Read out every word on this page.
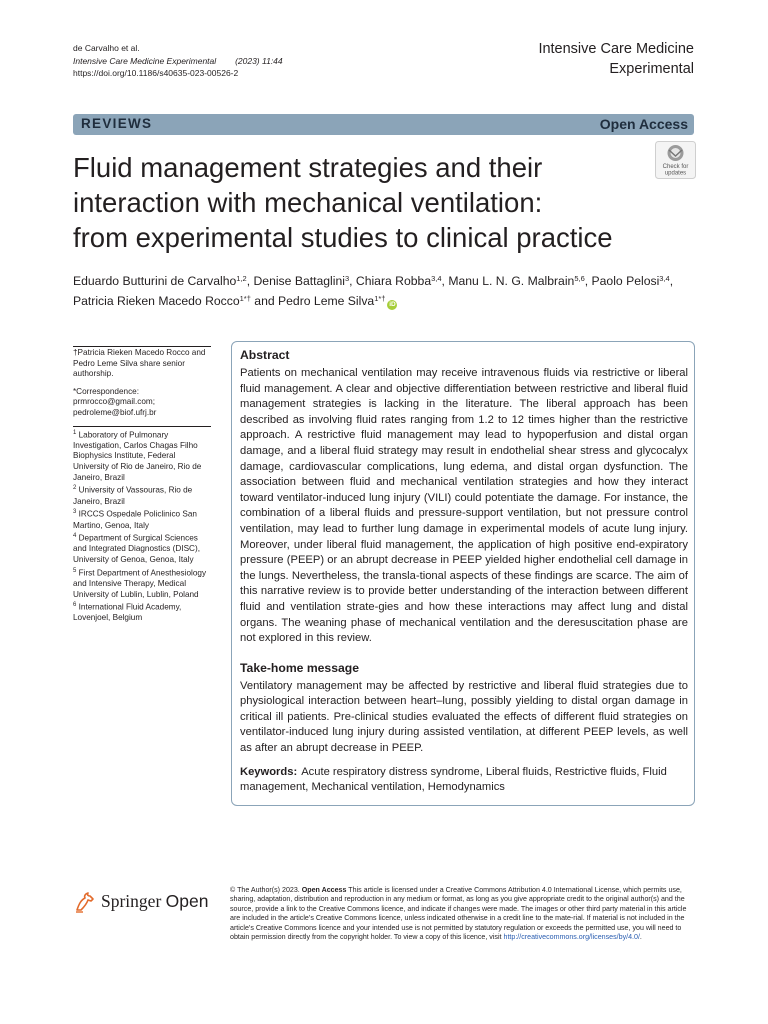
de Carvalho et al.
Intensive Care Medicine Experimental (2023) 11:44
https://doi.org/10.1186/s40635-023-00526-2
Intensive Care Medicine
Experimental
REVIEWS	Open Access
Fluid management strategies and their
interaction with mechanical ventilation:
from experimental studies to clinical practice
Check for
updates
Eduardo Butturini de Carvalho$^{1,2}$, Denise Battaglini$^3$, Chiara Robba$^{3,4}$, Manu L. N. G. Malbrain$^{5,6}$, Paolo Pelosi$^{3,4}$,
Patricia Rieken Macedo Rocco$^{1*\dagger}$ and Pedro Leme Silva$^{1*\dagger}$iD

†Patricia Rieken Macedo Rocco and Pedro Leme Silva share senior authorship.

*Correspondence:
prmrocco@gmail.com;
pedroleme@biof.ufrj.br

$^1$ Laboratory of Pulmonary Investigation, Carlos Chagas Filho Biophysics Institute, Federal University of Rio de Janeiro, Rio de Janeiro, Brazil

$^2$ University of Vassouras, Rio de Janeiro, Brazil

$^3$ IRCCS Ospedale Policlinico San Martino, Genoa, Italy

$^4$ Department of Surgical Sciences and Integrated Diagnostics (DISC), University of Genoa, Genoa, Italy

$^5$ First Department of Anesthesiology and Intensive Therapy, Medical University of Lublin, Lublin, Poland

$^6$ International Fluid Academy, Lovenjoel, Belgium

Abstract

Patients on mechanical ventilation may receive intravenous fluids via restrictive or liberal fluid management. A clear and objective differentiation between restrictive and liberal fluid management strategies is lacking in the literature. The liberal approach has been described as involving fluid rates ranging from 1.2 to 12 times higher than the restrictive approach. A restrictive fluid management may lead to hypoperfusion and distal organ damage, and a liberal fluid strategy may result in endothelial shear stress and glycocalyx damage, cardiovascular complications, lung edema, and distal organ dysfunction. The association between fluid and mechanical ventilation strategies and how they interact toward ventilator-induced lung injury (VILI) could potentiate the damage. For instance, the combination of a liberal fluids and pressure-support ventilation, but not pressure control ventilation, may lead to further lung damage in experimental models of acute lung injury. Moreover, under liberal fluid management, the application of high positive end-expiratory pressure (PEEP) or an abrupt decrease in PEEP yielded higher endothelial cell damage in the lungs. Nevertheless, the transla-tional aspects of these findings are scarce. The aim of this narrative review is to provide better understanding of the interaction between different fluid and ventilation strate-gies and how these interactions may affect lung and distal organs. The weaning phase of mechanical ventilation and the deresuscitation phase are not explored in this review.

Take-home message

Ventilatory management may be affected by restrictive and liberal fluid strategies due to physiological interaction between heart–lung, possibly yielding to distal organ damage in critical ill patients. Pre-clinical studies evaluated the effects of different fluid strategies on ventilator-induced lung injury during assisted ventilation, at different PEEP levels, as well as after an abrupt decrease in PEEP.

Keywords: Acute respiratory distress syndrome, Liberal fluids, Restrictive fluids, Fluid management, Mechanical ventilation, Hemodynamics
Springer Open
© The Author(s) 2023. Open Access This article is licensed under a Creative Commons Attribution 4.0 International License, which permits use, sharing, adaptation, distribution and reproduction in any medium or format, as long as you give appropriate credit to the original author(s) and the source, provide a link to the Creative Commons licence, and indicate if changes were made. The images or other third party material in this article are included in the article’s Creative Commons licence, unless indicated otherwise in a credit line to the mate-rial. If material is not included in the article’s Creative Commons licence and your intended use is not permitted by statutory regulation or exceeds the permitted use, you will need to obtain permission directly from the copyright holder. To view a copy of this licence, visit http://creativecommons.org/licenses/by/4.0/.
